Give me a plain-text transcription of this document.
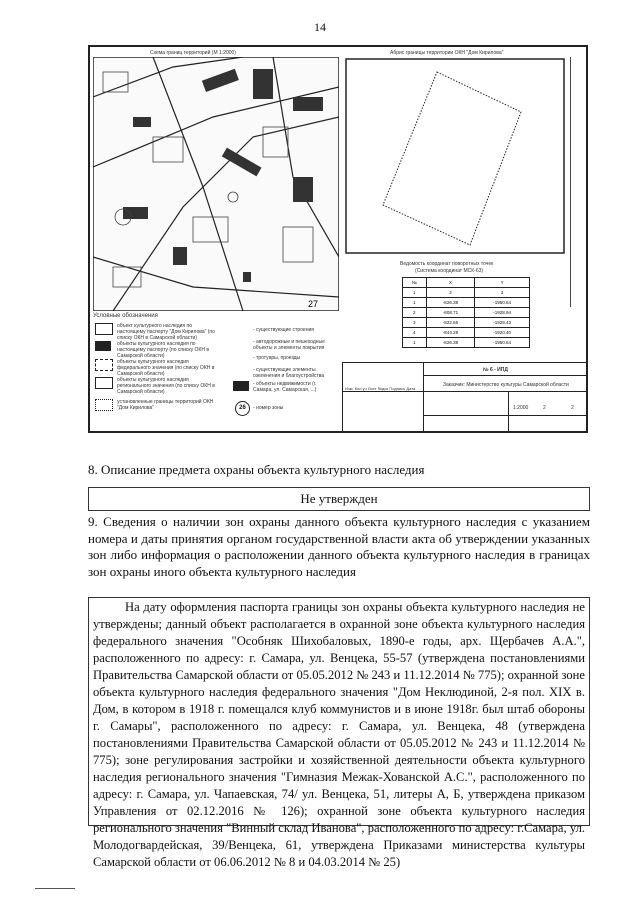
14
Схема границ территорий (М 1:2000)	Абрис границы территории ОКН "Дом Кирилова"
27
Ведомость координат поворотных точек
(Система координат МСК-63)
№	X	Y
1	2	3
1	-826.38	-1950.64
2	-808.71	-1928.94
3	-822.66	-1929.43
4	-844.28	-1920.40
1	-826.38	-1950.64
Условные обозначения
объект культурного наследия по настоящему паспорту "Дом Кирилова" (по списку ОКН в Самарской области)
объекты культурного наследия по настоящему паспорту (по списку ОКН в Самарской области)
объекты культурного наследия федерального значения (по списку ОКН в Самарской области)
объекты культурного наследия регионального значения (по списку ОКН в Самарской области)
установленные границы территорий ОКН "Дом Кирилова"
- существующие строения
- автодорожные и пешеходные объекты и элементы покрытия
- тротуары, проезды
- существующие элементы озеленения и благоустройства
- объекты недвижимости (г. Самара, ул. Самарская, ...)
26	- номер зоны
№ 6 - ИПД
Заказчик: Министерство культуры Самарской области
Изм. Кол.уч Лист №док Подпись Дата
1:2000	2	2
8. Описание предмета охраны объекта культурного наследия
Не утвержден
9. Сведения о наличии зон охраны данного объекта культурного наследия с указанием номера и даты принятия органом государственной власти акта об утверждении указанных зон либо информация о расположении данного объекта культурного наследия в границах зон охраны иного объекта культурного наследия
На дату оформления паспорта границы зон охраны объекта культурного наследия не утверждены; данный объект располагается в охранной зоне объекта культурного наследия федерального значения "Особняк Шихобаловых, 1890-е годы, арх. Щербачев А.А.", расположенного по адресу: г. Самара, ул. Венцека, 55-57 (утверждена постановлениями Правительства Самарской области от 05.05.2012 № 243 и 11.12.2014 № 775); охранной зоне объекта культурного наследия федерального значения "Дом Неклюдиной, 2-я пол. XIX в. Дом, в котором в 1918 г. помещался клуб коммунистов и в июне 1918г. был штаб обороны г. Самары", расположенного по адресу: г. Самара, ул. Венцека, 48 (утверждена постановлениями Правительства Самарской области от 05.05.2012 № 243 и 11.12.2014 № 775); зоне регулирования застройки и хозяйственной деятельности объекта культурного наследия регионального значения "Гимназия Межак-Хованской А.С.", расположенного по адресу: г. Самара, ул. Чапаевская, 74/ ул. Венцека, 51, литеры А, Б, утверждена приказом Управления от 02.12.2016 № 126); охранной зоне объекта культурного наследия регионального значения "Винный склад Иванова", расположенного по адресу: г.Самара, ул. Молодогвардейская, 39/Венцека, 61, утверждена Приказами министерства культуры Самарской области от 06.06.2012 № 8 и 04.03.2014 № 25)
